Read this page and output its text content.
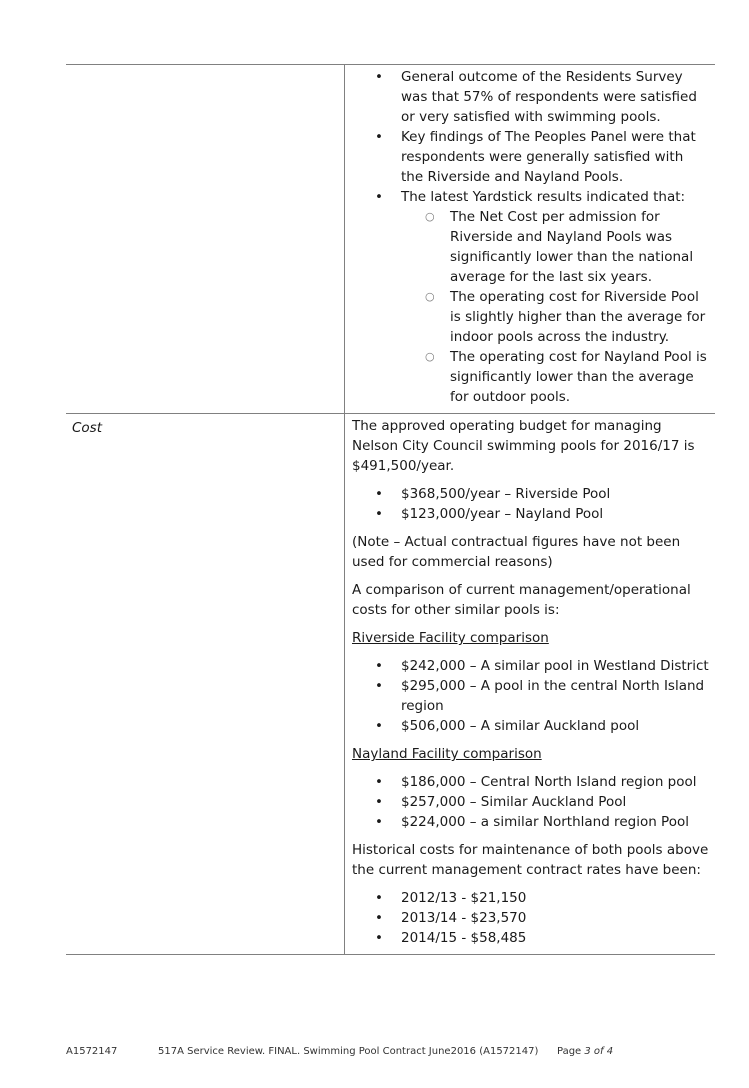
• General outcome of the Residents Survey was that 57% of respondents were satisfied or very satisfied with swimming pools.
• Key findings of The Peoples Panel were that respondents were generally satisfied with the Riverside and Nayland Pools.
• The latest Yardstick results indicated that:
○ The Net Cost per admission for Riverside and Nayland Pools was significantly lower than the national average for the last six years.
○ The operating cost for Riverside Pool is slightly higher than the average for indoor pools across the industry.
○ The operating cost for Nayland Pool is significantly lower than the average for outdoor pools.
Cost	The approved operating budget for managing Nelson City Council swimming pools for 2016/17 is $491,500/year.

• $368,500/year – Riverside Pool
• $123,000/year – Nayland Pool

(Note – Actual contractual figures have not been used for commercial reasons)

A comparison of current management/operational costs for other similar pools is:

Riverside Facility comparison

• $242,000 – A similar pool in Westland District
• $295,000 – A pool in the central North Island region
• $506,000 – A similar Auckland pool

Nayland Facility comparison

• $186,000 – Central North Island region pool
• $257,000 – Similar Auckland Pool
• $224,000 – a similar Northland region Pool

Historical costs for maintenance of both pools above the current management contract rates have been:

• 2012/13 - $21,150
• 2013/14 - $23,570
• 2014/15 - $58,485
A1572147	517A Service Review. FINAL. Swimming Pool Contract June2016 (A1572147) Page 3 of 4
